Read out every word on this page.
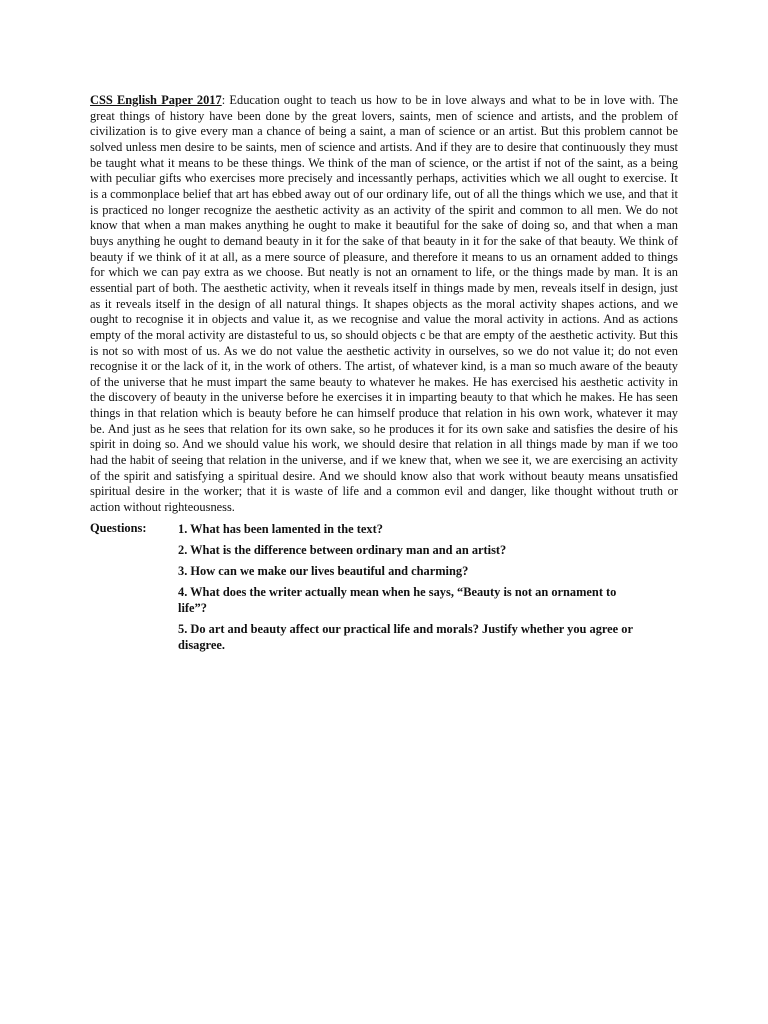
CSS English Paper 2017: Education ought to teach us how to be in love always and what to be in love with. The great things of history have been done by the great lovers, saints, men of science and artists, and the problem of civilization is to give every man a chance of being a saint, a man of science or an artist. But this problem cannot be solved unless men desire to be saints, men of science and artists. And if they are to desire that continuously they must be taught what it means to be these things. We think of the man of science, or the artist if not of the saint, as a being with peculiar gifts who exercises more precisely and incessantly perhaps, activities which we all ought to exercise. It is a commonplace belief that art has ebbed away out of our ordinary life, out of all the things which we use, and that it is practiced no longer recognize the aesthetic activity as an activity of the spirit and common to all men. We do not know that when a man makes anything he ought to make it beautiful for the sake of doing so, and that when a man buys anything he ought to demand beauty in it for the sake of that beauty in it for the sake of that beauty. We think of beauty if we think of it at all, as a mere source of pleasure, and therefore it means to us an ornament added to things for which we can pay extra as we choose. But neatly is not an ornament to life, or the things made by man. It is an essential part of both. The aesthetic activity, when it reveals itself in things made by men, reveals itself in design, just as it reveals itself in the design of all natural things. It shapes objects as the moral activity shapes actions, and we ought to recognise it in objects and value it, as we recognise and value the moral activity in actions. And as actions empty of the moral activity are distasteful to us, so should objects c be that are empty of the aesthetic activity. But this is not so with most of us. As we do not value the aesthetic activity in ourselves, so we do not value it; do not even recognise it or the lack of it, in the work of others. The artist, of whatever kind, is a man so much aware of the beauty of the universe that he must impart the same beauty to whatever he makes. He has exercised his aesthetic activity in the discovery of beauty in the universe before he exercises it in imparting beauty to that which he makes. He has seen things in that relation which is beauty before he can himself produce that relation in his own work, whatever it may be. And just as he sees that relation for its own sake, so he produces it for its own sake and satisfies the desire of his spirit in doing so. And we should value his work, we should desire that relation in all things made by man if we too had the habit of seeing that relation in the universe, and if we knew that, when we see it, we are exercising an activity of the spirit and satisfying a spiritual desire. And we should know also that work without beauty means unsatisfied spiritual desire in the worker; that it is waste of life and a common evil and danger, like thought without truth or action without righteousness.

Questions:	1. What has been lamented in the text?
2. What is the difference between ordinary man and an artist?
3. How can we make our lives beautiful and charming?
4. What does the writer actually mean when he says, “Beauty is not an ornament to life”?
5. Do art and beauty affect our practical life and morals? Justify whether you agree or disagree.
